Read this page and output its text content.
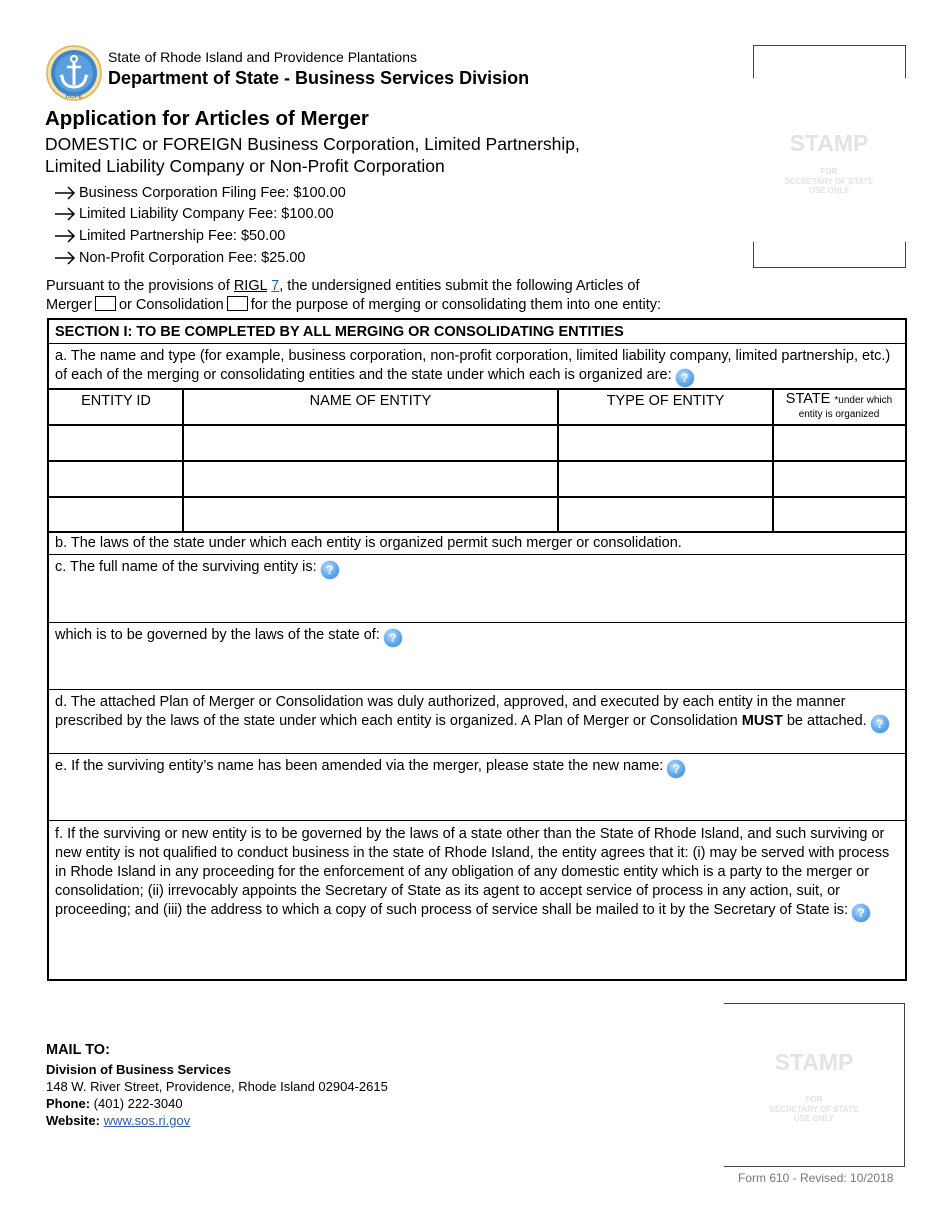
HOPE
State of Rhode Island and Providence Plantations
Department of State - Business Services Division
Application for Articles of Merger
DOMESTIC or FOREIGN Business Corporation, Limited Partnership,
Limited Liability Company or Non-Profit Corporation
Business Corporation Filing Fee: $100.00
Limited Liability Company Fee: $100.00
Limited Partnership Fee: $50.00
Non-Profit Corporation Fee: $25.00
STAMP
FOR
SECRETARY OF STATE
USE ONLY
Pursuant to the provisions of RIGL 7, the undersigned entities submit the following Articles of
Merger or Consolidation for the purpose of merging or consolidating them into one entity:
SECTION I: TO BE COMPLETED BY ALL MERGING OR CONSOLIDATING ENTITIES
a. The name and type (for example, business corporation, non-profit corporation, limited liability company, limited partnership, etc.) of each of the merging or consolidating entities and the state under which each is organized are: ?
ENTITY ID	NAME OF ENTITY	TYPE OF ENTITY	STATE *under which
entity is organized
b. The laws of the state under which each entity is organized permit such merger or consolidation.
c. The full name of the surviving entity is: ?
which is to be governed by the laws of the state of: ?
d. The attached Plan of Merger or Consolidation was duly authorized, approved, and executed by each entity in the manner prescribed by the laws of the state under which each entity is organized. A Plan of Merger or Consolidation MUST be attached. ?
e. If the surviving entity’s name has been amended via the merger, please state the new name: ?
f. If the surviving or new entity is to be governed by the laws of a state other than the State of Rhode Island, and such surviving or new entity is not qualified to conduct business in the state of Rhode Island, the entity agrees that it: (i) may be served with process in Rhode Island in any proceeding for the enforcement of any obligation of any domestic entity which is a party to the merger or consolidation; (ii) irrevocably appoints the Secretary of State as its agent to accept service of process in any action, suit, or proceeding; and (iii) the address to which a copy of such process of service shall be mailed to it by the Secretary of State is: ?
MAIL TO:
Division of Business Services
148 W. River Street, Providence, Rhode Island 02904-2615
Phone: (401) 222-3040
Website: www.sos.ri.gov
STAMP
FOR
SECRETARY OF STATE
USE ONLY
Form 610 - Revised: 10/2018
